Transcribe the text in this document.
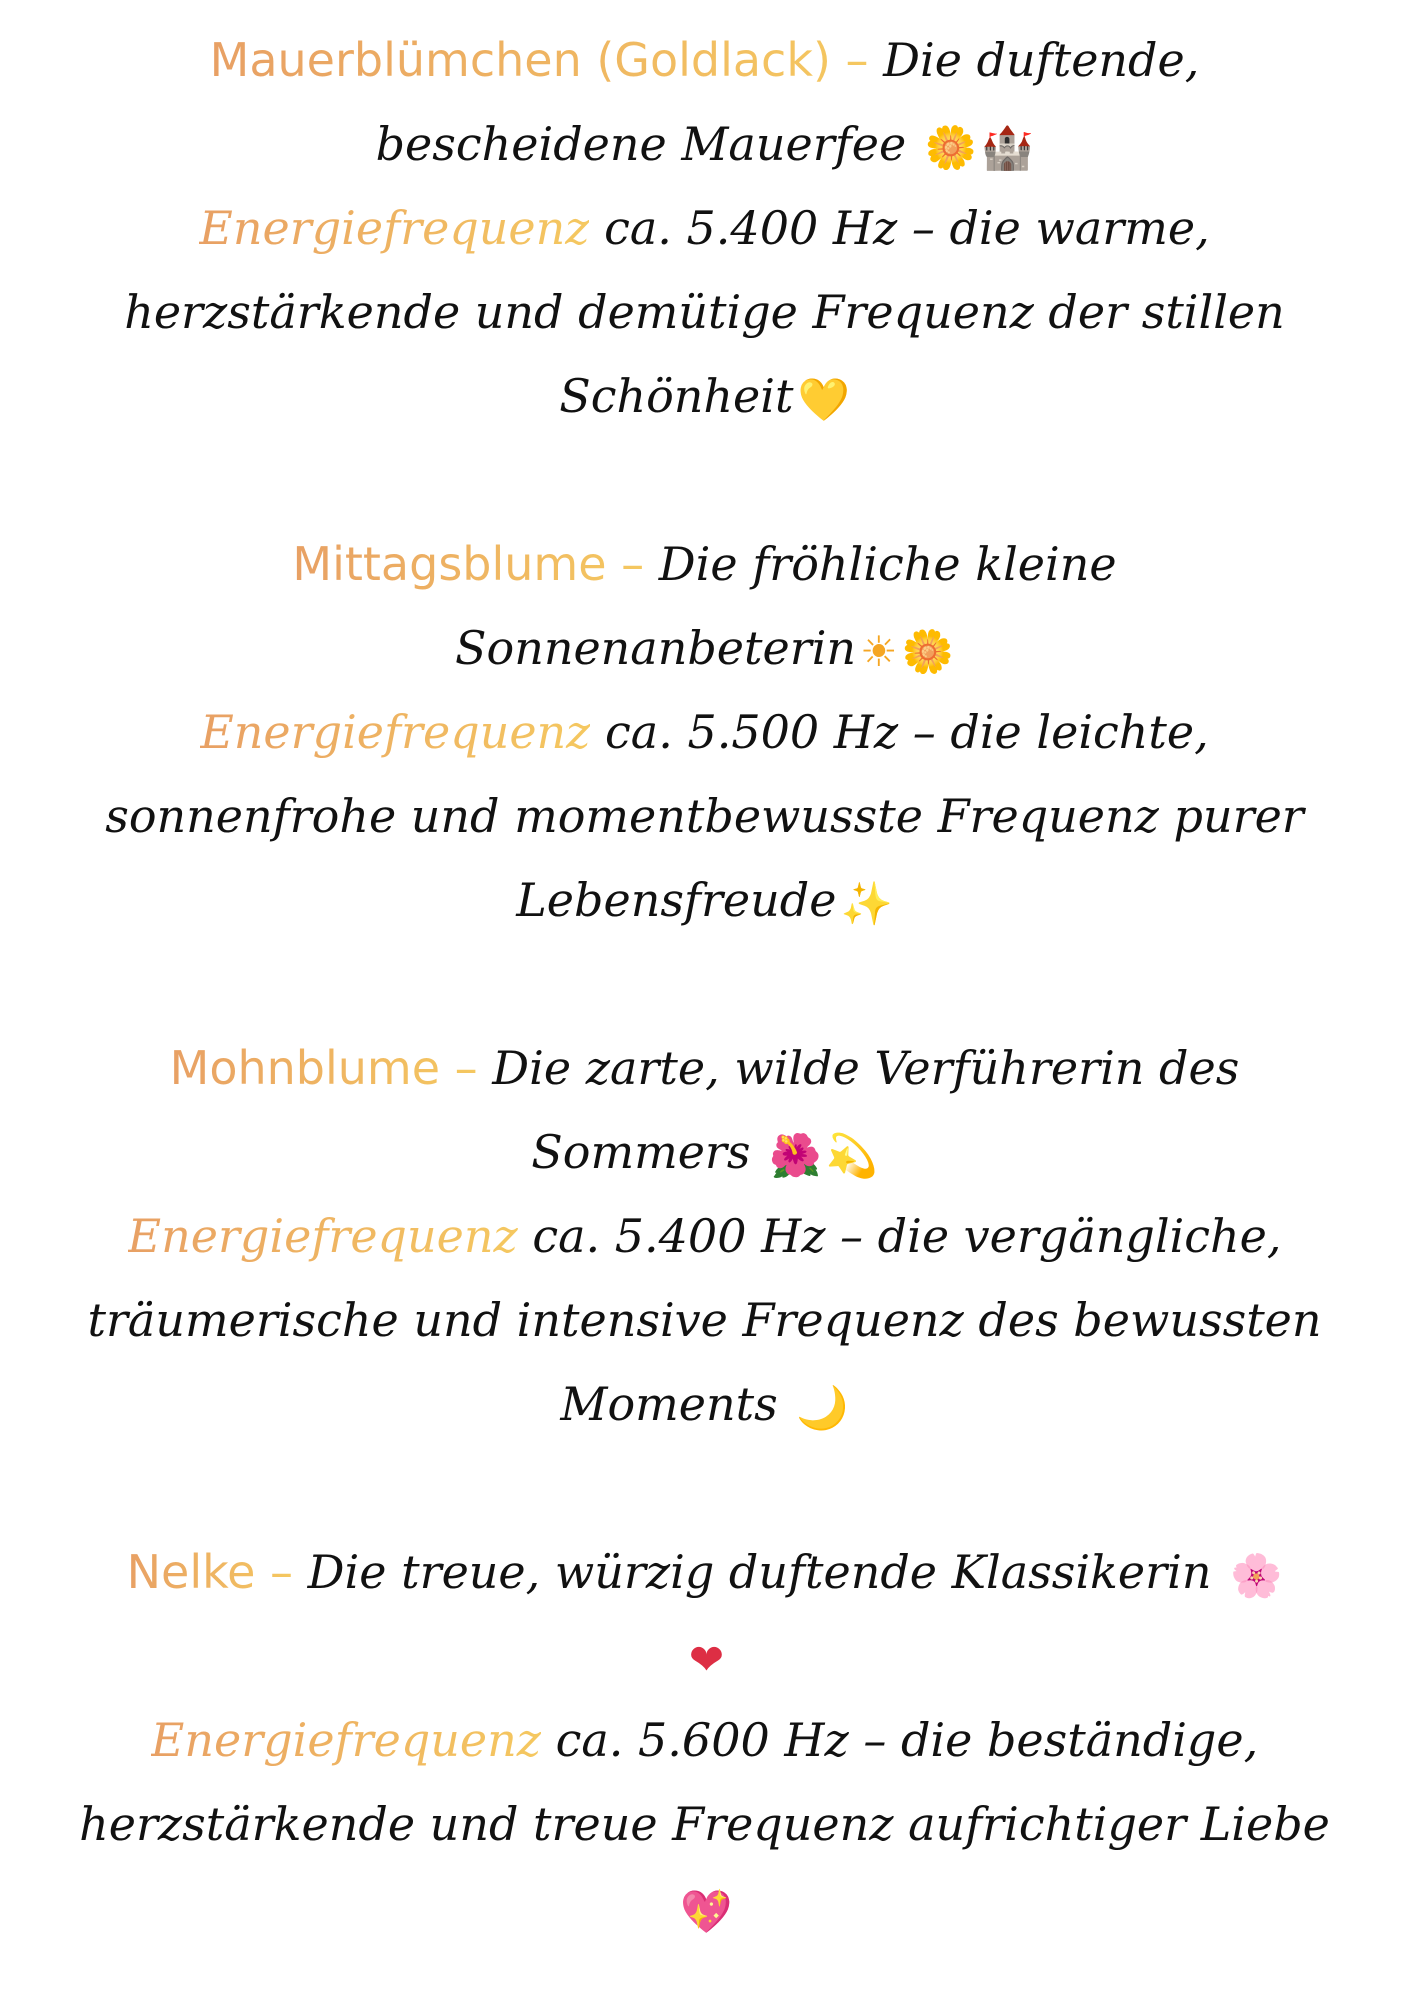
Mauerblümchen (Goldlack) – Die duftende,
bescheidene Mauerfee 🌼🏰
Energiefrequenz ca. 5.400 Hz – die warme,
herzstärkende und demütige Frequenz der stillen
Schönheit💛
Mittagsblume – Die fröhliche kleine
Sonnenanbeterin☀🌼
Energiefrequenz ca. 5.500 Hz – die leichte,
sonnenfrohe und momentbewusste Frequenz purer
Lebensfreude✨
Mohnblume – Die zarte, wilde Verführerin des
Sommers 🌺💫
Energiefrequenz ca. 5.400 Hz – die vergängliche,
träumerische und intensive Frequenz des bewussten
Moments 🌙
Nelke – Die treue, würzig duftende Klassikerin 🌸
❤
Energiefrequenz ca. 5.600 Hz – die beständige,
herzstärkende und treue Frequenz aufrichtiger Liebe
💖
